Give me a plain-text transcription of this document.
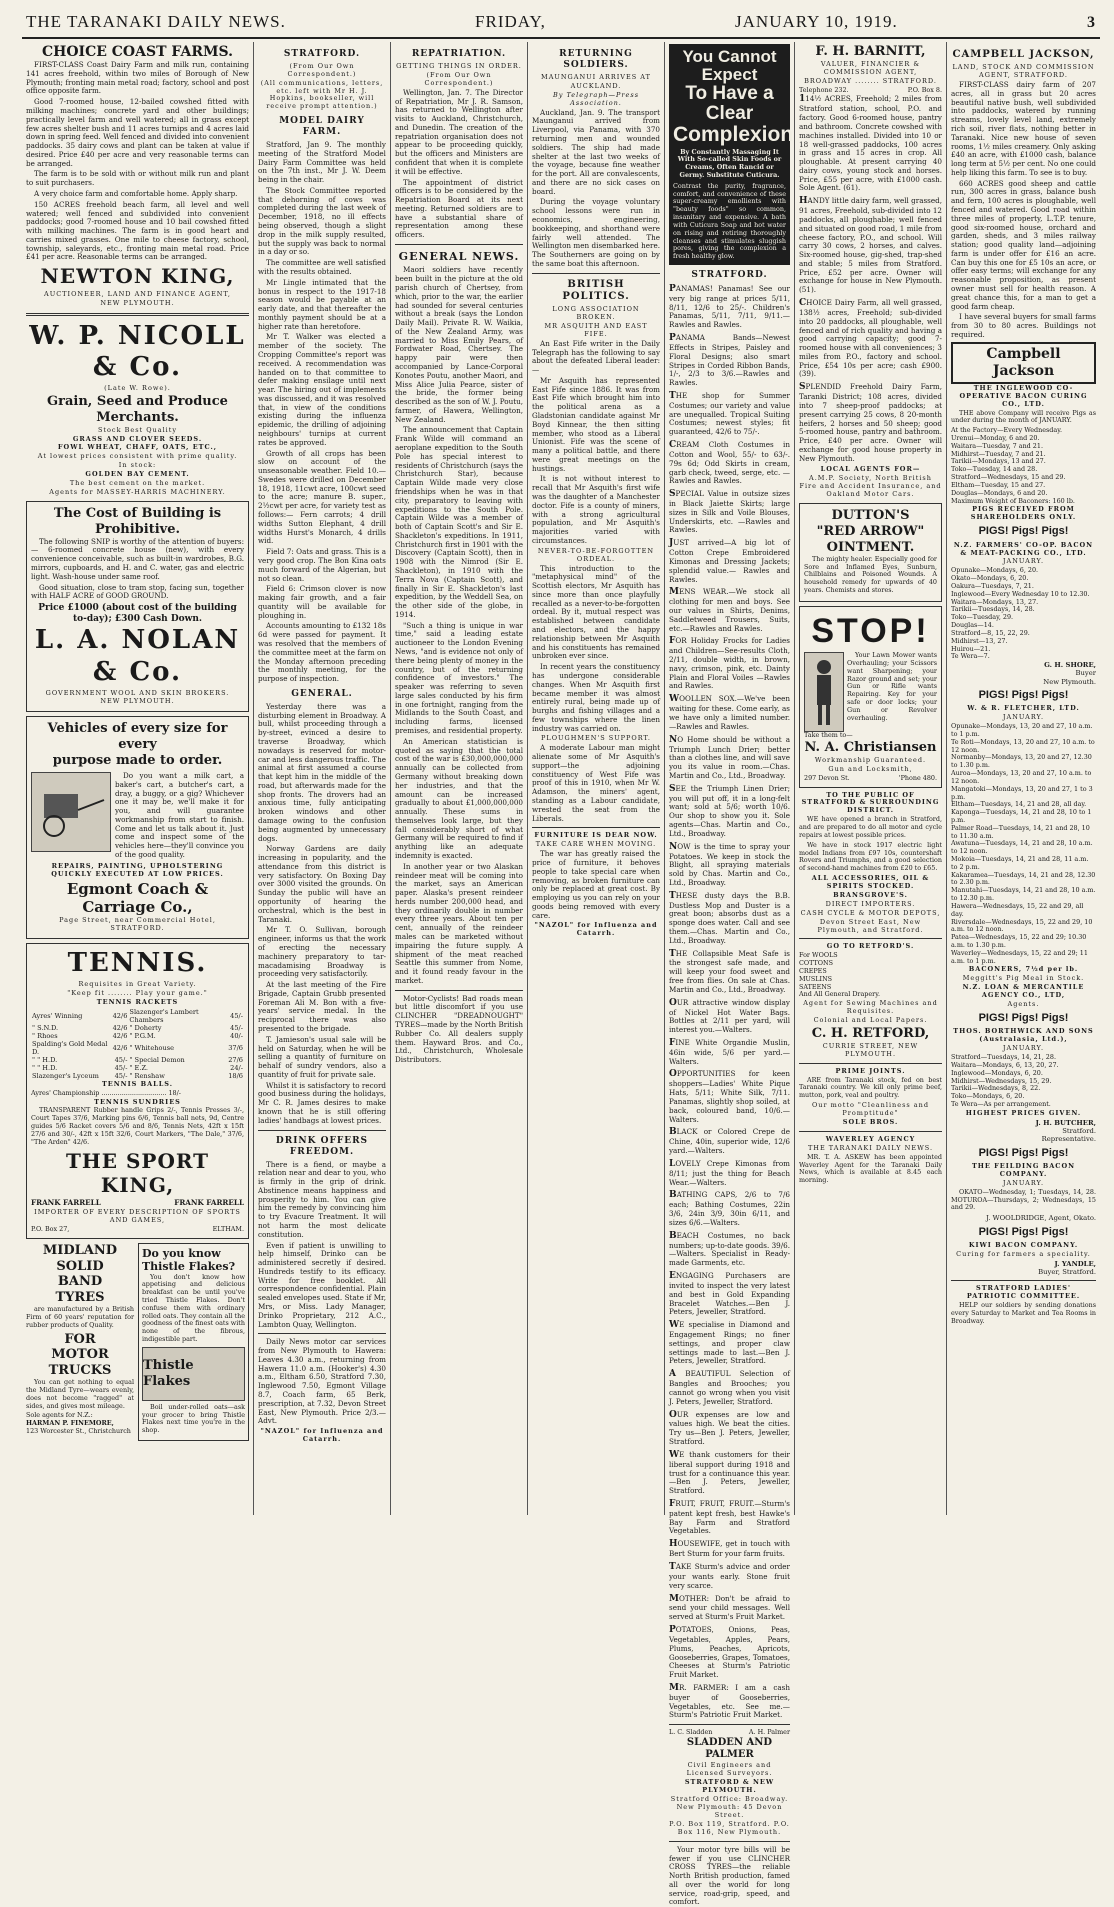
THE TARANAKI DAILY NEWS.	FRIDAY,	JANUARY 10, 1919.	3
CHOICE COAST FARMS.

FIRST-CLASS Coast Dairy Farm and milk run, containing 141 acres freehold, within two miles of Borough of New Plymouth; fronting main metal road; factory, school and post office opposite farm.

Good 7-roomed house, 12-bailed cowshed fitted with milking machines; concrete yard and other buildings; practically level farm and well watered; all in grass except few acres shelter bush and 11 acres turnips and 4 acres laid down in spring feed. Well fenced and divided into convenient paddocks. 35 dairy cows and plant can be taken at value if desired. Price £40 per acre and very reasonable terms can be arranged.

The farm is to be sold with or without milk run and plant to suit purchasers.

A very choice farm and comfortable home. Apply sharp.

150 ACRES freehold beach farm, all level and well watered; well fenced and subdivided into convenient paddocks; good 7-roomed house and 10 bail cowshed fitted with milking machines. The farm is in good heart and carries mixed grasses. One mile to cheese factory, school, township, saleyards, etc., fronting main metal road. Price £41 per acre. Reasonable terms can be arranged.

NEWTON KING,
AUCTIONEER, LAND AND FINANCE AGENT,
NEW PLYMOUTH.
W. P. NICOLL & Co.
(Late W. Rowe).
Grain, Seed and Produce Merchants.
Stock Best Quality
GRASS AND CLOVER SEEDS.
FOWL WHEAT, CHAFF, OATS, ETC.,
At lowest prices consistent with prime quality.
In stock:
GOLDEN BAY CEMENT.
The best cement on the market.
Agents for MASSEY-HARRIS MACHINERY.
The Cost of Building is Prohibitive.

The following SNIP is worthy of the attention of buyers:— 6-roomed concrete house (new), with every convenience conceivable, such as built-in wardrobes, B.G. mirrors, cupboards, and H. and C. water, gas and electric light. Wash-house under same roof.

Good situation, close to tram stop, facing sun, together with HALF ACRE of GOOD GROUND.

Price £1000 (about cost of the building to-day); £300 Cash Down.
L. A. NOLAN & Co.
GOVERNMENT WOOL AND SKIN BROKERS.
NEW PLYMOUTH.
Vehicles of every size for every
purpose made to order.

Do you want a milk cart, a baker's cart, a butcher's cart, a dray, a buggy, or a gig? Whichever one it may be, we'll make it for you, and will guarantee workmanship from start to finish. Come and let us talk about it. Just come and inspect some of the vehicles here—they'll convince you of the good quality.

REPAIRS, PAINTING, UPHOLSTERING QUICKLY EXECUTED AT LOW PRICES.
Egmont Coach & Carriage Co.,
Page Street, near Commercial Hotel, STRATFORD.
TENNIS.
Requisites in Great Variety.
"Keep fit ........ Play your game."
TENNIS RACKETS
Ayres' Winning	42/6	Slazenger's Lambert Chambers	45/-
" S.N.D.	42/6	" Doherty	45/-
" Rhoes	42/6	" P.G.M.	40/-
Spalding's Gold Medal D.	42/6	" Whitehouse	37/6
" " H.D.	45/-	" Special Demon	27/6
" " H.D.	45/-	" E.Z.	24/-
Slazenger's Lyceum	45/-	" Renshaw	18/6
TENNIS BALLS.
Ayres' Championship ................................ 18/-
TENNIS SUNDRIES

TRANSPARENT Rubber handle Grips 2/-, Tennis Presses 3/-, Court Tapes 37/6, Marking pins 6/6, Tennis ball nets, 9d, Centre guides 5/6 Racket covers 5/6 and 8/6, Tennis Nets, 42ft x 15ft 27/6 and 30/-, 42ft x 15ft 32/6, Court Markers, "The Dale," 37/6, "The Arden" 42/6.

THE SPORT KING,
FRANK FARRELL	FRANK FARRELL
IMPORTER OF EVERY DESCRIPTION OF SPORTS AND GAMES,
P.O. Box 27,	ELTHAM.
MIDLAND
SOLID
BAND
TYRES

are manufactured by a British Firm of 60 years' reputation for rubber products of Quality.

FOR
MOTOR
TRUCKS

You can get nothing to equal the Midland Tyre—wears evenly, does not become "ragged" at sides, and gives most mileage.

Sole agents for N.Z.:
HARMAN P. FINEMORE,
123 Worcester St., Christchurch
Do you know Thistle Flakes?

You don't know how appetising and delicious breakfast can be until you've tried Thistle Flakes. Don't confuse them with ordinary rolled oats. They contain all the goodness of the finest oats with none of the fibrous, indigestible part.

Thistle Flakes

Boil under-rolled oats—ask your grocer to bring Thistle Flakes next time you're in the shop.

STRATFORD.
(From Our Own Correspondent.)
(All communications, letters, etc. left with Mr H. J. Hopkins, bookseller, will receive prompt attention.)
MODEL DAIRY FARM.

Stratford, Jan 9. The monthly meeting of the Stratford Model Dairy Farm Committee was held on the 7th inst., Mr J. W. Deem being in the chair.

The Stock Committee reported that dehorning of cows was completed during the last week of December, 1918, no ill effects being observed, though a slight drop in the milk supply resulted, but the supply was back to normal in a day or so.

The committee are well satisfied with the results obtained.

Mr Lingle intimated that the bonus in respect to the 1917-18 season would be payable at an early date, and that thereafter the monthly payment should be at a higher rate than heretofore.

Mr T. Walker was elected a member of the society. The Cropping Committee's report was received. A recommendation was handed on to that committee to defer making ensilage until next year. The hiring out of implements was discussed, and it was resolved that, in view of the conditions existing during the influenza epidemic, the drilling of adjoining neighbours' turnips at current rates be approved.

Growth of all crops has been slow on account of the unseasonable weather. Field 10.—Swedes were drilled on December 18, 1918, 11cwt acre, 100cwt seed to the acre; manure B. super., 2½cwt per acre, for variety test as follows:— Fern carrots; 4 drill widths Sutton Elephant, 4 drill widths Hurst's Monarch, 4 drills wid.

Field 7: Oats and grass. This is a very good crop. The Bon Kina oats much forward of the Algerian, but not so clean.

Field 6: Crimson clover is now making fair growth, and a fair quantity will be available for ploughing in.

Accounts amounting to £132 18s 6d were passed for payment. It was resolved that the members of the committee meet at the farm on the Monday afternoon preceding the monthly meeting, for the purpose of inspection.

GENERAL.

Yesterday there was a disturbing element in Broadway. A bull, whilst proceeding through a by-street, evinced a desire to traverse Broadway, which nowadays is reserved for motor-car and less dangerous traffic. The animal at first assumed a course that kept him in the middle of the road, but afterwards made for the shop fronts. The drovers had an anxious time, fully anticipating broken windows and other damage owing to the confusion being augmented by unnecessary dogs.

Norway Gardens are daily increasing in popularity, and the attendance from this district is very satisfactory. On Boxing Day over 3000 visited the grounds. On Sunday the public will have an opportunity of hearing the orchestral, which is the best in Taranaki.

Mr T. O. Sullivan, borough engineer, informs us that the work of erecting the necessary machinery preparatory to tar-macadamising Broadway is proceeding very satisfactorily.

At the last meeting of the Fire Brigade, Captain Grubb presented Foreman Ali M. Bon with a five-years' service medal. In the reciprocal there was also presented to the brigade.

T. Jamieson's usual sale will be held on Saturday, when he will be selling a quantity of furniture on behalf of sundry vendors, also a quantity of fruit for private sale.

Whilst it is satisfactory to record good business during the holidays, Mr C. R. James desires to make known that he is still offering ladies' handbags at lowest prices.

DRINK OFFERS FREEDOM.

There is a fiend, or maybe a relation near and dear to you, who is firmly in the grip of drink. Abstinence means happiness and prosperity to him. You can give him the remedy by convincing him to try Evacure Treatment. It will not harm the most delicate constitution.

Even if patient is unwilling to help himself, Drinko can be administered secretly if desired. Hundreds testify to its efficacy. Write for free booklet. All correspondence confidential. Plain sealed envelopes used. State if Mr, Mrs, or Miss. Lady Manager, Drinko Proprietary, 212 A.C., Lambton Quay, Wellington.

Daily News motor car services from New Plymouth to Hawera: Leaves 4.30 a.m., returning from Hawera 11.0 a.m. (Hooker's) 4.30 a.m., Eltham 6.50, Stratford 7.30, Inglewood 7.50, Egmont Village 8.7, Coach farm, 65 Berk, prescription, at 7.32, Devon Street East, New Plymouth. Price 2/3.—Advt.

"NAZOL" for Influenza and Catarrh.
REPATRIATION.
GETTING THINGS IN ORDER.
(From Our Own Correspondent.)

Wellington, Jan. 7. The Director of Repatriation, Mr J. R. Samson, has returned to Wellington after visits to Auckland, Christchurch, and Dunedin. The creation of the repatriation organisation does not appear to be proceeding quickly, but the officers and Ministers are confident that when it is complete it will be effective.

The appointment of district officers is to be considered by the Repatriation Board at its next meeting. Returned soldiers are to have a substantial share of representation among these officers.

GENERAL NEWS.

Maori soldiers have recently been built in the picture at the old parish church of Chertsey, from which, prior to the war, the earlier had sounded for several centuries without a break (says the London Daily Mail). Private R. W. Waikia, of the New Zealand Army, was married to Miss Emily Pears, of Fordwater Road, Chertsey. The happy pair were then accompanied by Lance-Corporal Konotes Poutu, another Maori, and Miss Alice Julia Pearce, sister of the bride, the former being described as the son of W. J. Poutu, farmer, of Hawera, Wellington, New Zealand.

The announcement that Captain Frank Wilde will command an aeroplane expedition to the South Pole has special interest to residents of Christchurch (says the Christchurch Star), because Captain Wilde made very close friendships when he was in that city, preparatory to leaving with expeditions to the South Pole. Captain Wilde was a member of both of Captain Scott's and Sir E. Shackleton's expeditions. In 1911, Christchurch first in 1901 with the Discovery (Captain Scott), then in 1908 with the Nimrod (Sir E. Shackleton), in 1910 with the Terra Nova (Captain Scott), and finally in Sir E. Shackleton's last expedition, by the Weddell Sea, on the other side of the globe, in 1914.

"Such a thing is unique in war time," said a leading estate auctioneer to the London Evening News, "and is evidence not only of there being plenty of money in the country, but of the returning confidence of investors." The speaker was referring to seven large sales conducted by his firm in one fortnight, ranging from the Midlands to the South Coast, and including farms, licensed premises, and residential property.

An American statistician is quoted as saying that the total cost of the war is £30,000,000,000 annually can be collected from Germany without breaking down her industries, and that the amount can be increased gradually to about £1,000,000,000 annually. These sums in themselves look large, but they fall considerably short of what Germany will be required to find if anything like an adequate indemnity is exacted.

In another year or two Alaskan reindeer meat will be coming into the market, says an American paper. Alaska's present reindeer herds number 200,000 head, and they ordinarily double in number every three years. About ten per cent, annually of the reindeer males can be marketed without impairing the future supply. A shipment of the meat reached Seattle this summer from Nome, and it found ready favour in the market.

Motor-Cyclists! Bad roads mean but little discomfort if you use CLINCHER "DREADNOUGHT" TYRES—made by the North British Rubber Co. All dealers supply them. Hayward Bros. and Co., Ltd., Christchurch, Wholesale Distributors.

RETURNING SOLDIERS.
MAUNGANUI ARRIVES AT
AUCKLAND.
By Telegraph—Press Association.

Auckland, Jan. 9. The transport Maunganui arrived from Liverpool, via Panama, with 370 returning men and wounded soldiers. The ship had made shelter at the last two weeks of the voyage, because fine weather for the port. All are convalescents, and there are no sick cases on board.

During the voyage voluntary school lessons were run in economics, engineering, bookkeeping, and shorthand were fairly well attended. The Wellington men disembarked here. The Southerners are going on by the same boat this afternoon.

BRITISH POLITICS.
LONG ASSOCIATION BROKEN.
MR ASQUITH AND EAST FIFE.

An East Fife writer in the Daily Telegraph has the following to say about the defeated Liberal leader:—

Mr Asquith has represented East Fife since 1886. It was from East Fife which brought him into the political arena as a Gladstonian candidate against Mr Boyd Kinnear, the then sitting member, who stood as a Liberal Unionist. Fife was the scene of many a political battle, and there were great meetings on the hustings.

It is not without interest to recall that Mr Asquith's first wife was the daughter of a Manchester doctor. Fife is a county of miners, with a strong agricultural population, and Mr Asquith's majorities varied with circumstances.

NEVER-TO-BE-FORGOTTEN ORDEAL.

This introduction to the "metaphysical mind" of the Scottish electors, Mr Asquith has since more than once playfully recalled as a never-to-be-forgotten ordeal. By it, mutual respect was established between candidate and electors, and the happy relationship between Mr Asquith and his constituents has remained unbroken ever since.

In recent years the constituency has undergone considerable changes. When Mr Asquith first became member it was almost entirely rural, being made up of burghs and fishing villages and a few townships where the linen industry was carried on.

PLOUGHMEN'S SUPPORT.

A moderate Labour man might alienate some of Mr Asquith's support—the adjoining constituency of West Fife was proof of this in 1910, when Mr W. Adamson, the miners' agent, standing as a Labour candidate, wrested the seat from the Liberals.

FURNITURE IS DEAR NOW.
TAKE CARE WHEN MOVING.

The war has greatly raised the price of furniture, it behoves people to take special care when removing, as broken furniture can only be replaced at great cost. By employing us you can rely on your goods being removed with every care.

"NAZOL" for Influenza and Catarrh.
You Cannot Expect
To Have a Clear
Complexion
By Constantly Massaging It With So-called Skin Foods or Creams, Often Rancid or Germy. Substitute Cuticura.
Contrast the purity, fragrance, comfort, and convenience of these super-creamy emollients with "beauty foods" so common, insanitary and expensive. A bath with Cuticura Soap and hot water on rising and retiring thoroughly cleanses and stimulates sluggish pores, giving the complexion a fresh healthy glow.
STRATFORD.

PANAMAS! Panamas! See our very big range at prices 5/11, 8/11, 12/6 to 25/-. Children's Panamas, 5/11, 7/11, 9/11.—Rawles and Rawles.

PANAMA Bands—Newest Effects in Stripes, Paisley and Floral Designs; also smart Stripes in Corded Ribbon Bands, 1/-, 2/3 to 3/6.—Rawles and Rawles.

THE shop for Summer Costumes; our variety and value are unequalled. Tropical Suiting Costumes; newest styles; fit guaranteed, 42/6 to 75/-.

CREAM Cloth Costumes in Cotton and Wool, 55/- to 63/-. 79s 6d; Odd Skirts in cream, garb check, tweed, serge, etc. —Rawles and Rawles.

SPECIAL Value in outsize sizes in Black Jaiette Skirts; large sizes in Silk and Voile Blouses, Underskirts, etc. —Rawles and Rawles.

JUST arrived—A big lot of Cotton Crepe Embroidered Kimonas and Dressing Jackets; splendid value.— Rawles and Rawles.

MENS WEAR.—We stock all clothing for men and boys. See our values in Shirts, Denims, Saddletweed Trousers, Suits, etc.—Rawles and Rawles.

FOR Holiday Frocks for Ladies and Children—See-results Cloth, 2/11, double width, in brown, navy, crimson, pink, etc. Dainty Plain and Floral Voiles —Rawles and Rawles.

WOOLLEN SOX.—We've been waiting for these. Come early, as we have only a limited number.—Rawles and Rawles.

NO Home should be without a Triumph Lunch Drier; better than a clothes line, and will save you its value in room.—Chas. Martin and Co., Ltd., Broadway.

SEE the Triumph Linen Drier; you will put off, it in a long-felt want; sold at 5/6; worth 10/6. Our shop to show you it. Sole agents—Chas. Martin and Co., Ltd., Broadway.

NOW is the time to spray your Potatoes. We keep in stock the Blight, all spraying materials sold by Chas. Martin and Co., Ltd., Broadway.

THESE dusty days the B.B. Dustless Mop and Duster is a great boon; absorbs dust as a sponge does water. Call and see them.—Chas. Martin and Co., Ltd., Broadway.

THE Collapsible Meat Safe is the strongest safe made, and will keep your food sweet and free from flies. On sale at Chas. Martin and Co., Ltd., Broadway.

OUR attractive window display of Nickel Hot Water Bags. Bottles at 2/11 per yard, will interest you.—Walters.

FINE White Organdie Muslin, 46in wide, 5/6 per yard.—Walters.

OPPORTUNITIES for keen shoppers—Ladies' White Pique Hats, 5/11; White Silk, 7/11. Panamas, slightly shop soiled, at back, coloured band, 10/6.—Walters.

BLACK or Colored Crepe de Chine, 40in, superior wide, 12/6 yard.—Walters.

LOVELY Crepe Kimonas from 8/11; just the thing for Beach Wear.—Walters.

BATHING CAPS, 2/6 to 7/6 each; Bathing Costumes, 22in 3/6, 24in 3/9, 30in 6/11, and sizes 6/6.—Walters.

BEACH Costumes, no back numbers; up-to-date goods. 39/6.—Walters. Specialist in Ready-made Garments, etc.

ENGAGING Purchasers are invited to inspect the very latest and best in Gold Expanding Bracelet Watches.—Ben J. Peters, Jeweller, Stratford.

WE specialise in Diamond and Engagement Rings; no finer settings, and proper claw settings made to last.—Ben J. Peters, Jeweller, Stratford.

A BEAUTIFUL Selection of Bangles and Brooches; you cannot go wrong when you visit J. Peters, Jeweller, Stratford.

OUR expenses are low and values high. We beat the cities. Try us—Ben J. Peters, Jeweller, Stratford.

WE thank customers for their liberal support during 1918 and trust for a continuance this year.—Ben J. Peters, Jeweller, Stratford.

FRUIT, FRUIT, FRUIT.—Sturm's patent kept fresh, best Hawke's Bay Farm and Stratford Vegetables.

HOUSEWIFE, get in touch with Bert Sturm for your farm fruits.

TAKE Sturm's advice and order your wants early. Stone fruit very scarce.

MOTHER: Don't be afraid to send your child messages. Well served at Sturm's Fruit Market.

POTATOES, Onions, Peas, Vegetables, Apples, Pears, Plums, Peaches, Apricots, Gooseberries, Grapes, Tomatoes, Cheeses at Sturm's Patriotic Fruit Market.

MR. FARMER: I am a cash buyer of Gooseberries, Vegetables, etc. See me.—Sturm's Patriotic Fruit Market.

L. C. Sladden	A. H. Palmer
SLADDEN AND PALMER
Civil Engineers and Licensed Surveyors.
STRATFORD & NEW PLYMOUTH.
Stratford Office: Broadway. New Plymouth: 45 Devon Street.
P.O. Box 119, Stratford. P.O. Box 116, New Plymouth.

Your motor tyre bills will be fewer if you use CLINCHER CROSS TYRES—the reliable North British production, famed all over the world for long service, road-grip, speed, and comfort.

F. H. BARNITT,
VALUER, FINANCIER & COMMISSION AGENT,
BROADWAY ........ STRATFORD.
Telephone 232.	P.O. Box 8.

114½ ACRES, Freehold; 2 miles from Stratford station, school, P.O. and factory. Good 6-roomed house, pantry and bathroom. Concrete cowshed with machines installed. Divided into 10 or 18 well-grassed paddocks, 100 acres in grass and 15 acres in crop. All ploughable. At present carrying 40 dairy cows, young stock and horses. Price, £55 per acre, with £1000 cash. Sole Agent. (61).

HANDY little dairy farm, well grassed, 91 acres, Freehold, sub-divided into 12 paddocks, all ploughable; well fenced and situated on good road, 1 mile from cheese factory, P.O., and school. Will carry 30 cows, 2 horses, and calves. Six-roomed house, gig-shed, trap-shed and stable; 5 miles from Stratford. Price, £52 per acre. Owner will exchange for house in New Plymouth. (51).

CHOICE Dairy Farm, all well grassed, 138½ acres, Freehold; sub-divided into 20 paddocks, all ploughable, well fenced and of rich quality and having a good carrying capacity; good 7-roomed house with all conveniences; 3 miles from P.O., factory and school. Price, £54 10s per acre; cash £900. (39).

SPLENDID Freehold Dairy Farm, Taranki District; 108 acres, divided into 7 sheep-proof paddocks; at present carrying 25 cows, 8 20-month heifers, 2 horses and 50 sheep; good 5-roomed house, pantry and bathroom. Price, £40 per acre. Owner will exchange for good house property in New Plymouth.

LOCAL AGENTS FOR—
A.M.P. Society, North British Fire and Accident Insurance, and Oakland Motor Cars.
DUTTON'S
"RED ARROW"
OINTMENT.

The mighty healer. Especially good for Sore and Inflamed Eyes, Sunburn, Chilblains and Poisoned Wounds. A household remedy for upwards of 40 years. Chemists and stores.

STOP!

Your Lawn Mower wants Overhauling; your Scissors want Sharpening; your Razor ground and set; your Gun or Rifle wants Repairing. Key for your safe or door locks; your Gun or Revolver overhauling.

Take them to—
N. A. Christiansen
Workmanship Guaranteed.
Gun and Locksmith,
297 Devon St.	'Phone 480.
TO THE PUBLIC OF STRATFORD & SURROUNDING DISTRICT.

WE have opened a branch in Stratford, and are prepared to do all motor and cycle repairs at lowest possible prices.

We have in stock 1917 electric light model Indians from £97 10s, countershaft Rovers and Triumphs, and a good selection of second-hand machines from £20 to £65.

ALL ACCESSORIES, OIL & SPIRITS STOCKED.
BRANSGROVE'S.
DIRECT IMPORTERS.
CASH CYCLE & MOTOR DEPOTS,
Devon Street East, New Plymouth, and Stratford.
GO TO RETFORD'S.
For WOOLS
COTTONS
CREPES
MUSLINS
SATEENS
And All General Drapery.
Agent for Sewing Machines and Requisites.
Colonial and Local Papers.
C. H. RETFORD,
CURRIE STREET, NEW PLYMOUTH.
PRIME JOINTS.

ARE from Taranaki stock, fed on best Taranaki country. We kill only prime beef, mutton, pork, veal and poultry.

Our motto "Cleanliness and Promptitude"
SOLE BROS.
WAVERLEY AGENCY
THE TARANAKI DAILY NEWS.

MR. T. A. ASKEW has been appointed Waverley Agent for the Taranaki Daily News, which is available at 8.45 each morning.

CAMPBELL JACKSON,
LAND, STOCK AND COMMISSION AGENT, STRATFORD.

FIRST-CLASS dairy farm of 207 acres, all in grass but 20 acres beautiful native bush, well subdivided into paddocks, watered by running streams, lovely level land, extremely rich soil, river flats, nothing better in Taranaki. Nice new house of seven rooms, 1½ miles creamery. Only asking £40 an acre, with £1000 cash, balance long term at 5½ per cent. No one could help liking this farm. To see is to buy.

660 ACRES good sheep and cattle run, 300 acres in grass, balance bush and fern, 100 acres is ploughable, well fenced and watered. Good road within three miles of property, L.T.P. tenure, good six-roomed house, orchard and garden, sheds, and 3 miles railway station; good quality land—adjoining farm is under offer for £16 an acre. Can buy this one for £5 10s an acre, or offer easy terms; will exchange for any reasonable proposition, as present owner must sell for health reason. A great chance this, for a man to get a good farm cheap.

I have several buyers for small farms from 30 to 80 acres. Buildings not required.

Campbell Jackson
THE INGLEWOOD CO-OPERATIVE BACON CURING CO., LTD.

THE above Company will receive Pigs as under during the month of JANUARY.

At the Factory—Every Wednesday.
Urenui—Monday, 6 and 20.
Waitara—Tuesday, 7 and 21.
Midhirst—Tuesday, 7 and 21.
Tarikii—Mondays, 13 and 27.
Toko—Tuesday, 14 and 28.
Stratford—Wednesdays, 15 and 29.
Eltham—Tuesday, 15 and 27.
Douglas—Mondays, 6 and 20.
Maximum Weight of Baconers: 160 lb.
PIGS RECEIVED FROM SHAREHOLDERS ONLY.
PIGS! Pigs! Pigs!
N.Z. FARMERS' CO-OP. BACON & MEAT-PACKING CO., LTD.
JANUARY.
Opunake—Mondays, 6, 20.
Okato—Mondays, 6, 20.
Oakura—Tuesdays, 7, 21.
Inglewood—Every Wednesday 10 to 12.30.
Waitara—Mondays, 13, 27.
Tarikii—Tuesdays, 14, 28.
Toko—Tuesday, 29.
Douglas—14.
Stratford—8, 15, 22, 29.
Midhirst—13, 27.
Huirou—21.
Te Wera—7.
G. H. SHORE,
Buyer
New Plymouth.
PIGS! Pigs! Pigs!
W. & R. FLETCHER, LTD.
JANUARY.
Opunake—Mondays, 13, 20 and 27, 10 a.m. to 1 p.m.
Te Roti—Mondays, 13, 20 and 27, 10 a.m. to 12 noon.
Normanby—Mondays, 13, 20 and 27, 12.30 to 1.30 p.m.
Auroa—Mondays, 13, 20 and 27, 10 a.m. to 12 noon.
Mangatoki—Mondays, 13, 20 and 27, 1 to 3 p.m.
Eltham—Tuesdays, 14, 21 and 28, all day.
Kaponga—Tuesdays, 14, 21 and 28, 10 to 1 p.m.
Palmer Road—Tuesdays, 14, 21 and 28, 10 to 11.30 a.m.
Awatuna—Tuesdays, 14, 21 and 28, 10 a.m. to 12 noon.
Mokoia—Tuesdays, 14, 21 and 28, 11 a.m. to 2 p.m.
Kakaramea—Tuesdays, 14, 21 and 28, 12.30 to 2.30 p.m.
Manutahi—Tuesdays, 14, 21 and 28, 10 a.m. to 12.30 p.m.
Hawera—Wednesdays, 15, 22 and 29, all day.
Riversdale—Wednesdays, 15, 22 and 29, 10 a.m. to 12 noon.
Patea—Wednesdays, 15, 22 and 29; 10.30 a.m. to 1.30 p.m.
Waverley—Wednesdays, 15, 22 and 29; 11 a.m. to 1 p.m.
BACONERS, 7½d per lb.
Meggitt's Pig Meal in Stock.
N.Z. LOAN & MERCANTILE AGENCY CO., LTD,
Agents.
PIGS! Pigs! Pigs!
THOS. BORTHWICK AND SONS (Australasia, Ltd.),
JANUARY.
Stratford—Tuesdays, 14, 21, 28.
Waitara—Mondays, 6, 13, 20, 27.
Inglewood—Mondays, 6, 20.
Midhirst—Wednesdays, 15, 29.
Tarikii—Wednesdays, 8, 22.
Toko—Mondays, 6, 20.
Te Wera—As per arrangement.
HIGHEST PRICES GIVEN.
J. H. BUTCHER,
Stratford.
Representative.
PIGS! Pigs! Pigs!
THE FEILDING BACON COMPANY.
JANUARY.

OKATO—Wednesday, 1; Tuesdays, 14, 28. MOTUROA—Thursdays, 2; Wednesdays, 15 and 29.

J. WOOLDRIDGE, Agent, Okato.
PIGS! Pigs! Pigs!
KIWI BACON COMPANY.
Curing for farmers a speciality.
J. YANDLE,
Buyer, Stratford.
STRATFORD LADIES' PATRIOTIC COMMITTEE.

HELP our soldiers by sending donations every Saturday to Market and Tea Rooms in Broadway.
